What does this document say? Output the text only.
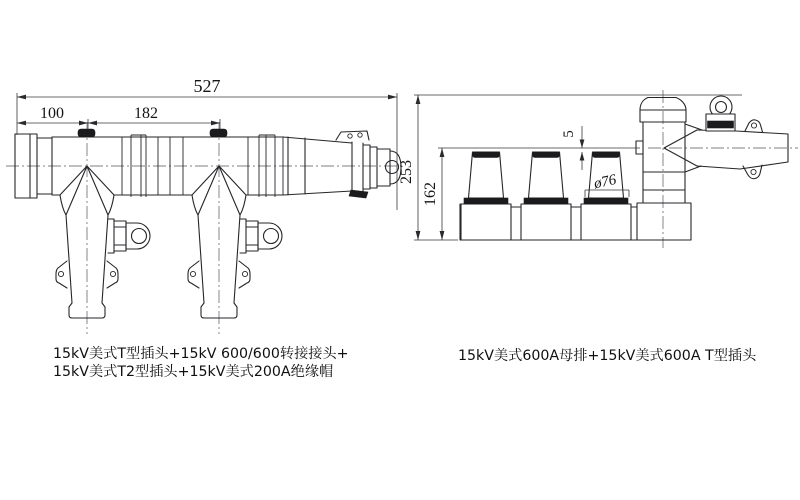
527
100	182
15kV美式T型插头+15kV 600/600转接接头+
15kV美式T2型插头+15kV美式200A绝缘帽
253
162
5
ø76
15kV美式600A母排+15kV美式600A T型插头
